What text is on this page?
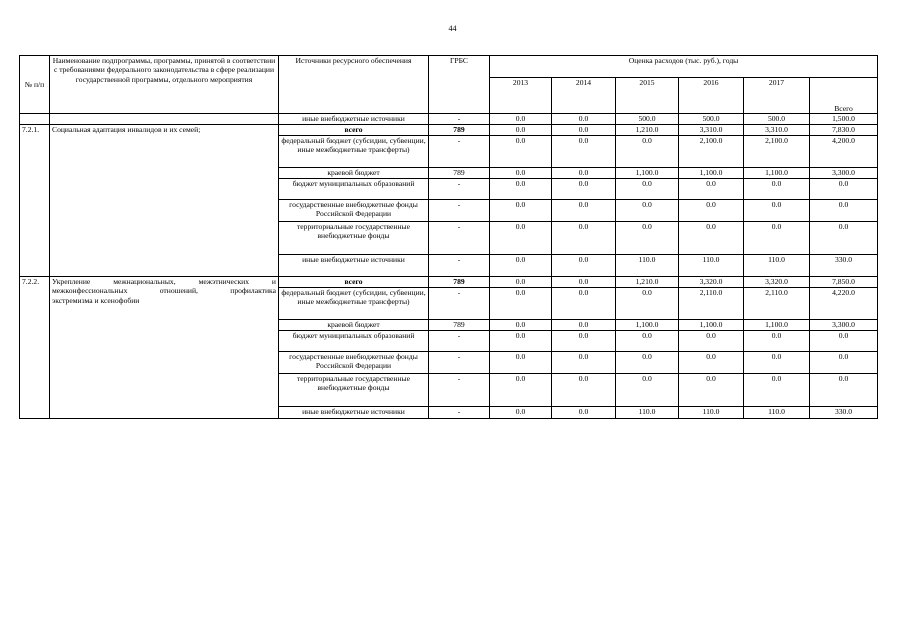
44
№ п/п	Наименование подпрограммы, программы, принятой в соответствии с требованиями федерального законодательства в сфере реализации государственной программы, отдельного мероприятия	Источники ресурсного обеспечения	ГРБС	Оценка расходов (тыс. руб.), годы					
				2013	2014	2015	2016	2017	Всего
		иные внебюджетные источники	-	0.0	0.0	500.0	500.0	500.0	1,500.0
7.2.1.	Социальная адаптация инвалидов и их семей;	всего	789	0.0	0.0	1,210.0	3,310.0	3,310.0	7,830.0
		федеральный бюджет (субсидии, субвенции, иные межбюджетные трансферты)	-	0.0	0.0	0.0	2,100.0	2,100.0	4,200.0
		краевой бюджет	789	0.0	0.0	1,100.0	1,100.0	1,100.0	3,300.0
		бюджет муниципальных образований	-	0.0	0.0	0.0	0.0	0.0	0.0
		государственные внебюджетные фонды Российской Федерации	-	0.0	0.0	0.0	0.0	0.0	0.0
		территориальные государственные внебюджетные фонды	-	0.0	0.0	0.0	0.0	0.0	0.0
		иные внебюджетные источники	-	0.0	0.0	110.0	110.0	110.0	330.0
7.2.2.	Укрепление межнациональных, межэтнических и
межконфессиональных отношений, профилактика
экстремизма и ксенофобии	всего	789	0.0	0.0	1,210.0	3,320.0	3,320.0	7,850.0
		федеральный бюджет (субсидии, субвенции, иные межбюджетные трансферты)	-	0.0	0.0	0.0	2,110.0	2,110.0	4,220.0
		краевой бюджет	789	0.0	0.0	1,100.0	1,100.0	1,100.0	3,300.0
		бюджет муниципальных образований	-	0.0	0.0	0.0	0.0	0.0	0.0
		государственные внебюджетные фонды Российской Федерации	-	0.0	0.0	0.0	0.0	0.0	0.0
		территориальные государственные внебюджетные фонды	-	0.0	0.0	0.0	0.0	0.0	0.0
		иные внебюджетные источники	-	0.0	0.0	110.0	110.0	110.0	330.0
